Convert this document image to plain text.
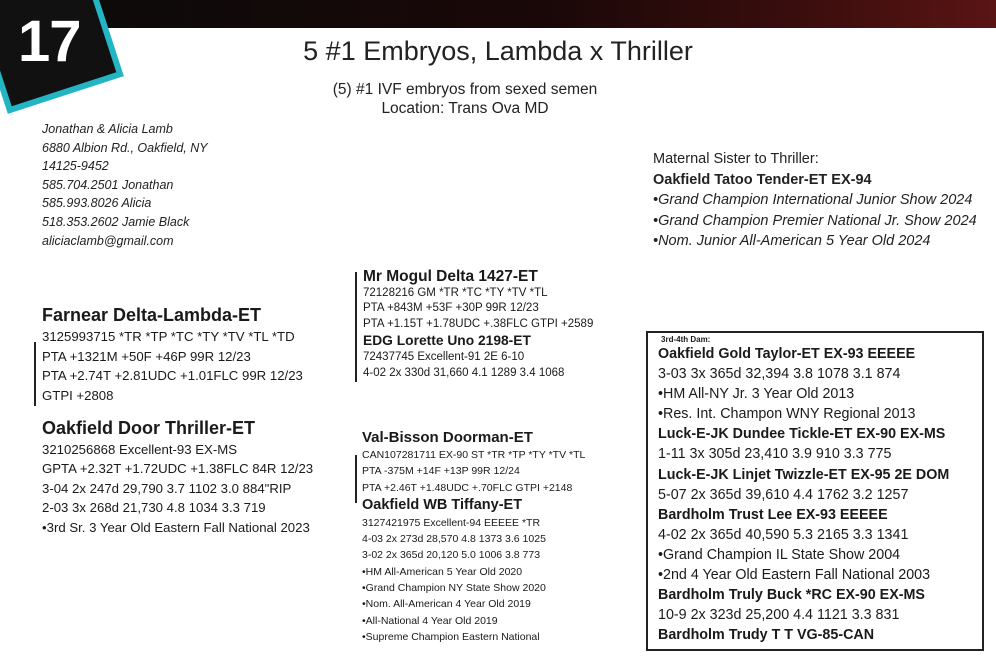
17	5 #1 Embryos, Lambda x Thriller
(5) #1 IVF embryos from sexed semen
Location: Trans Ova MD
Jonathan & Alicia Lamb
6880 Albion Rd., Oakfield, NY
14125-9452
585.704.2501 Jonathan
585.993.8026 Alicia
518.353.2602 Jamie Black
aliciaclamb@gmail.com
Maternal Sister to Thriller:
Oakfield Tatoo Tender-ET EX-94
•Grand Champion International Junior Show 2024
•Grand Champion Premier National Jr. Show 2024
•Nom. Junior All-American 5 Year Old 2024
Farnear Delta-Lambda-ET
3125993715 *TR *TP *TC *TY *TV *TL *TD
PTA +1321M +50F +46P 99R 12/23
PTA +2.74T +2.81UDC +1.01FLC 99R 12/23
GTPI +2808
Oakfield Door Thriller-ET
3210256868 Excellent-93 EX-MS
GPTA +2.32T +1.72UDC +1.38FLC 84R 12/23
3-04 2x 247d 29,790 3.7 1102 3.0 884"RIP
2-03 3x 268d 21,730 4.8 1034 3.3 719
•3rd Sr. 3 Year Old Eastern Fall National 2023
Mr Mogul Delta 1427-ET
72128216 GM *TR *TC *TY *TV *TL
PTA +843M +53F +30P 99R 12/23
PTA +1.15T +1.78UDC +.38FLC GTPI +2589
EDG Lorette Uno 2198-ET
72437745 Excellent-91 2E 6-10
4-02 2x 330d 31,660 4.1 1289 3.4 1068
Val-Bisson Doorman-ET
CAN107281711 EX-90 ST *TR *TP *TY *TV *TL
PTA -375M +14F +13P 99R 12/24
PTA +2.46T +1.48UDC +.70FLC GTPI +2148
Oakfield WB Tiffany-ET
3127421975 Excellent-94 EEEEE *TR
4-03 2x 273d 28,570 4.8 1373 3.6 1025
3-02 2x 365d 20,120 5.0 1006 3.8 773
•HM All-American 5 Year Old 2020
•Grand Champion NY State Show 2020
•Nom. All-American 4 Year Old 2019
•All-National 4 Year Old 2019
•Supreme Champion Eastern National
3rd-4th Dam:
Oakfield Gold Taylor-ET EX-93 EEEEE
3-03 3x 365d 32,394 3.8 1078 3.1 874
•HM All-NY Jr. 3 Year Old 2013
•Res. Int. Champon WNY Regional 2013
Luck-E-JK Dundee Tickle-ET EX-90 EX-MS
1-11 3x 305d 23,410 3.9 910 3.3 775
Luck-E-JK Linjet Twizzle-ET EX-95 2E DOM
5-07 2x 365d 39,610 4.4 1762 3.2 1257
Bardholm Trust Lee EX-93 EEEEE
4-02 2x 365d 40,590 5.3 2165 3.3 1341
•Grand Champion IL State Show 2004
•2nd 4 Year Old Eastern Fall National 2003
Bardholm Truly Buck *RC EX-90 EX-MS
10-9 2x 323d 25,200 4.4 1121 3.3 831
Bardholm Trudy T T VG-85-CAN
